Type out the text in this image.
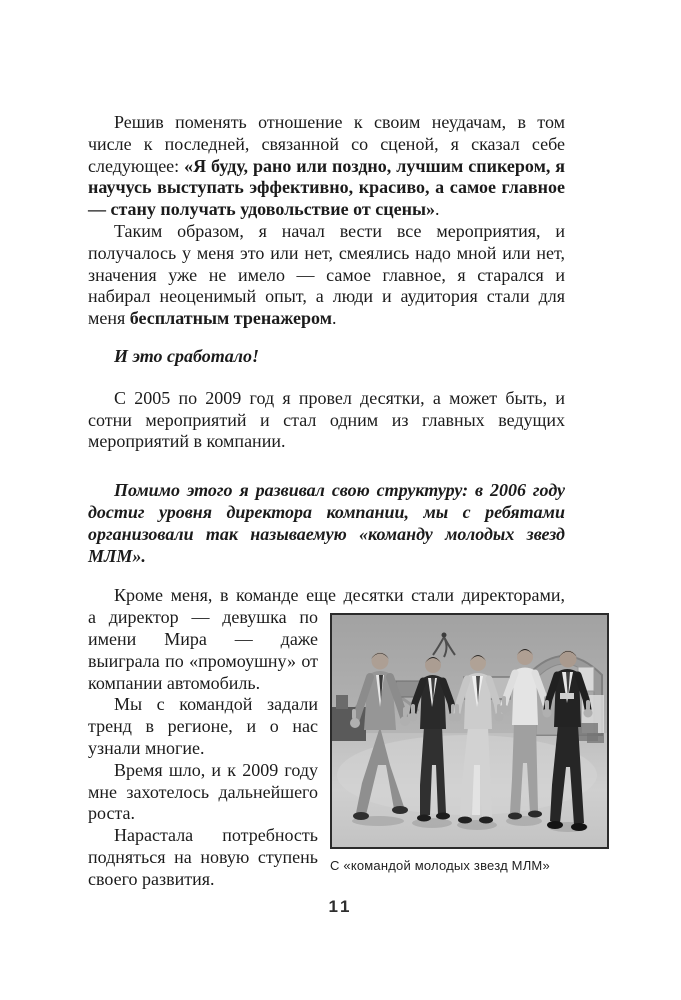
Решив поменять отношение к своим неудачам, в том числе к последней, связанной со сценой, я сказал себе следующее: «Я буду, рано или поздно, лучшим спикером, я научусь выступать эффективно, красиво, а самое главное — стану получать удовольствие от сцены».

Таким образом, я начал вести все мероприятия, и получалось у меня это или нет, смеялись надо мной или нет, значения уже не имело — самое главное, я старался и набирал неоценимый опыт, а люди и аудитория стали для меня бесплатным тренажером.

И это сработало!

С 2005 по 2009 год я провел десятки, а может быть, и сотни мероприятий и стал одним из главных ведущих мероприятий в компании.

Помимо этого я развивал свою структуру: в 2006 году достиг уровня директора компании, мы с ребятами организовали так называемую «команду молодых звезд МЛМ».

Кроме меня, в команде еще десятки стали директорами,

С «командой молодых звезд МЛМ»

а директор — девушка по имени Мира — даже выиграла по «промоушну» от компании автомобиль.

Мы с командой задали тренд в регионе, и о нас узнали многие.

Время шло, и к 2009 году мне захотелось дальнейшего роста.

Нарастала потребность подняться на новую ступень своего развития.

11
